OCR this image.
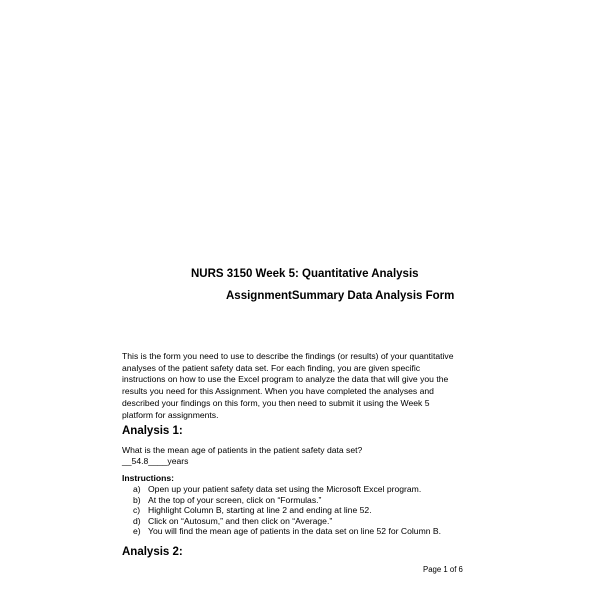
NURS 3150 Week 5: Quantitative Analysis
AssignmentSummary Data Analysis Form
This is the form you need to use to describe the findings (or results) of your quantitative
analyses of the patient safety data set. For each finding, you are given specific
instructions on how to use the Excel program to analyze the data that will give you the
results you need for this Assignment. When you have completed the analyses and
described your findings on this form, you then need to submit it using the Week 5
platform for assignments.
Analysis 1:
What is the mean age of patients in the patient safety data set?
__54.8____years
Instructions:
a) Open up your patient safety data set using the Microsoft Excel program.
b) At the top of your screen, click on “Formulas.”
c) Highlight Column B, starting at line 2 and ending at line 52.
d) Click on “Autosum,” and then click on “Average.”
e) You will find the mean age of patients in the data set on line 52 for Column B.
Analysis 2:
Page 1 of 6
